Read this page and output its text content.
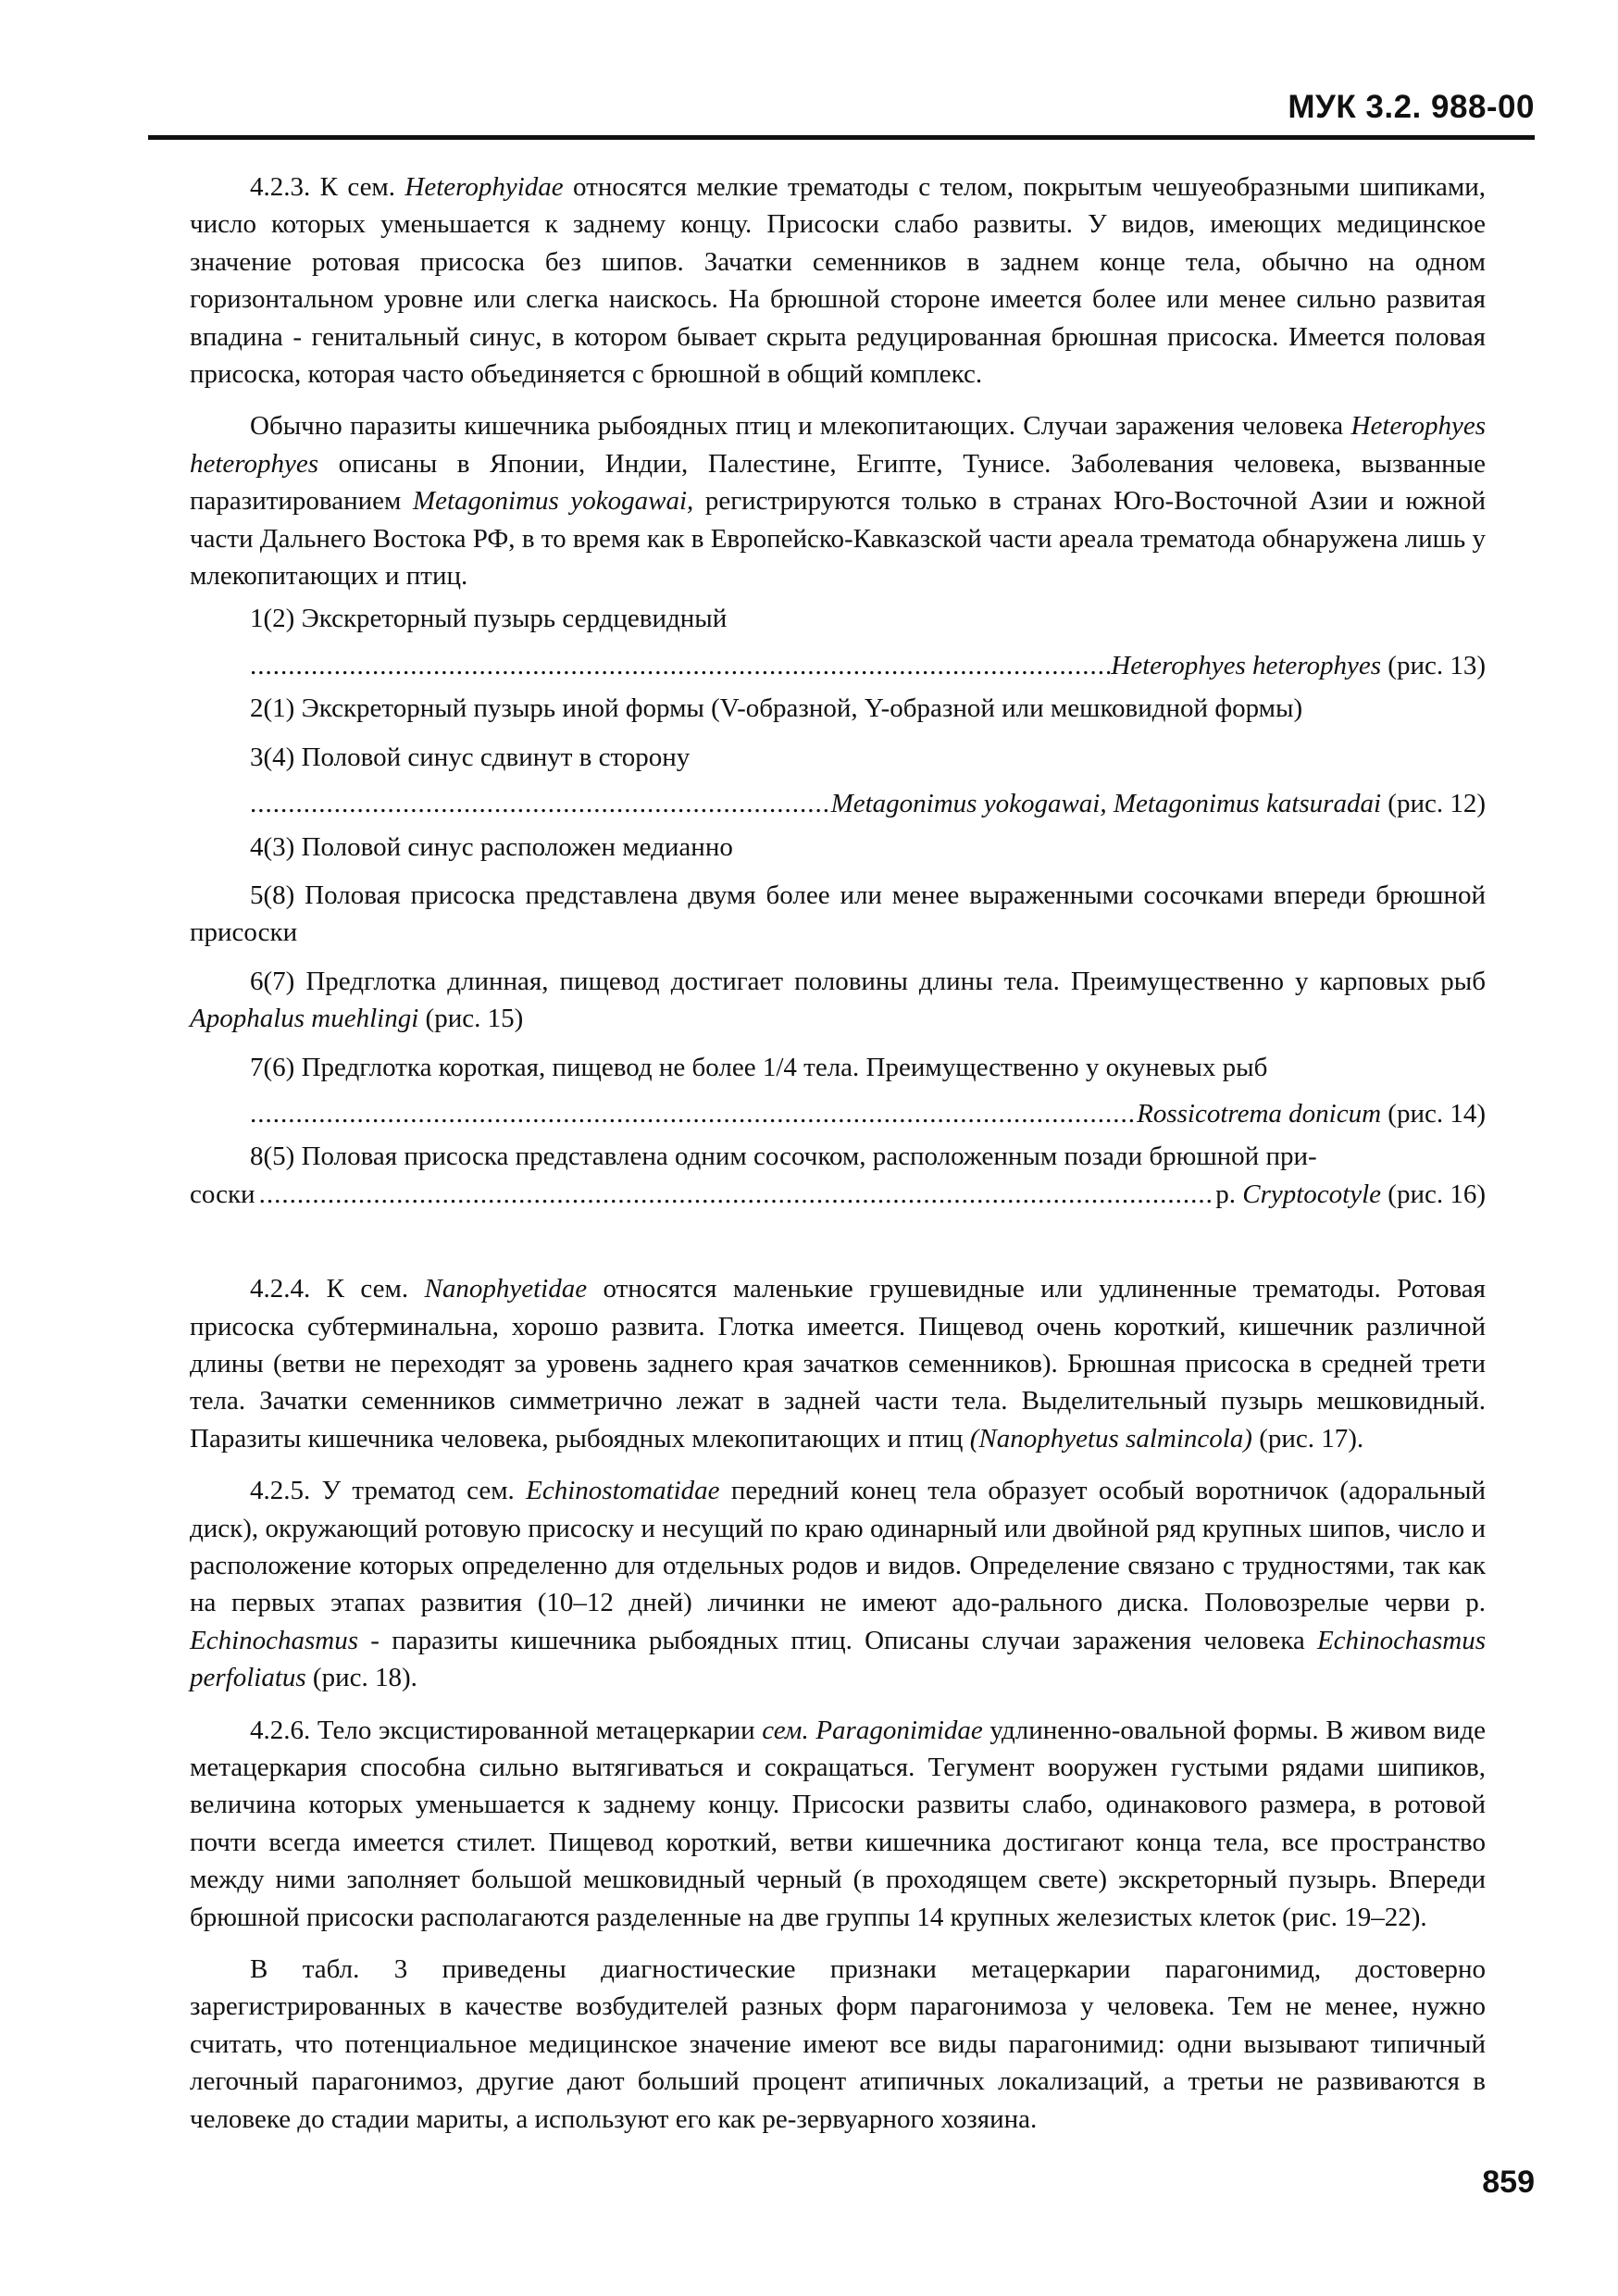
МУК 3.2. 988-00

4.2.3. К сем. Heterophyidae относятся мелкие трематоды с телом, покрытым чешуеобразными шипиками, число которых уменьшается к заднему концу. Присоски слабо развиты. У видов, имеющих медицинское значение ротовая присоска без шипов. Зачатки семенников в заднем конце тела, обычно на одном горизонтальном уровне или слегка наискось. На брюшной стороне имеется более или менее сильно развитая впадина - генитальный синус, в котором бывает скрыта редуцированная брюшная присоска. Имеется половая присоска, которая часто объединяется с брюшной в общий комплекс.

Обычно паразиты кишечника рыбоядных птиц и млекопитающих. Случаи заражения человека Heterophyes heterophyes описаны в Японии, Индии, Палестине, Египте, Тунисе. Заболевания человека, вызванные паразитированием Metagonimus yokogawai, регистрируются только в странах Юго-Восточной Азии и южной части Дальнего Востока РФ, в то время как в Европейско-Кавказской части ареала трематода обнаружена лишь у млекопитающих и птиц.

1(2) Экскреторный пузырь сердцевидный

.....
Heterophyes heterophyes (рис. 13)

2(1) Экскреторный пузырь иной формы (V-образной, Y-образной или мешковидной формы)

3(4) Половой синус сдвинут в сторону

.....
Metagonimus yokogawai, Metagonimus katsuradai (рис. 12)

4(3) Половой синус расположен медианно

5(8) Половая присоска представлена двумя более или менее выраженными сосочками впереди брюшной присоски

6(7) Предглотка длинная, пищевод достигает половины длины тела. Преимущественно у карповых рыб Apophalus muehlingi (рис. 15)

7(6) Предглотка короткая, пищевод не более 1/4 тела. Преимущественно у окуневых рыб

.....
Rossicotrema donicum (рис. 14)

8(5) Половая присоска представлена одним сосочком, расположенным позади брюшной при-

соски
.....	р. Cryptocotyle (рис. 16)

4.2.4. К сем. Nanophyetidae относятся маленькие грушевидные или удлиненные трематоды. Ротовая присоска субтерминальна, хорошо развита. Глотка имеется. Пищевод очень короткий, кишечник различной длины (ветви не переходят за уровень заднего края зачатков семенников). Брюшная присоска в средней трети тела. Зачатки семенников симметрично лежат в задней части тела. Выделительный пузырь мешковидный. Паразиты кишечника человека, рыбоядных млекопитающих и птиц (Nanophyetus salmincola) (рис. 17).

4.2.5. У трематод сем. Echinostomatidae передний конец тела образует особый воротничок (адоральный диск), окружающий ротовую присоску и несущий по краю одинарный или двойной ряд крупных шипов, число и расположение которых определенно для отдельных родов и видов. Определение связано с трудностями, так как на первых этапах развития (10–12 дней) личинки не имеют адо-рального диска. Половозрелые черви р. Echinochasmus - паразиты кишечника рыбоядных птиц. Описаны случаи заражения человека Echinochasmus perfoliatus (рис. 18).

4.2.6. Тело эксцистированной метацеркарии сем. Paragonimidae удлиненно-овальной формы. В живом виде метацеркария способна сильно вытягиваться и сокращаться. Тегумент вооружен густыми рядами шипиков, величина которых уменьшается к заднему концу. Присоски развиты слабо, одинакового размера, в ротовой почти всегда имеется стилет. Пищевод короткий, ветви кишечника достигают конца тела, все пространство между ними заполняет большой мешковидный черный (в проходящем свете) экскреторный пузырь. Впереди брюшной присоски располагаются разделенные на две группы 14 крупных железистых клеток (рис. 19–22).

В табл. 3 приведены диагностические признаки метацеркарии парагонимид, достоверно зарегистрированных в качестве возбудителей разных форм парагонимоза у человека. Тем не менее, нужно считать, что потенциальное медицинское значение имеют все виды парагонимид: одни вызывают типичный легочный парагонимоз, другие дают больший процент атипичных локализаций, а третьи не развиваются в человеке до стадии мариты, а используют его как ре-зервуарного хозяина.

859
